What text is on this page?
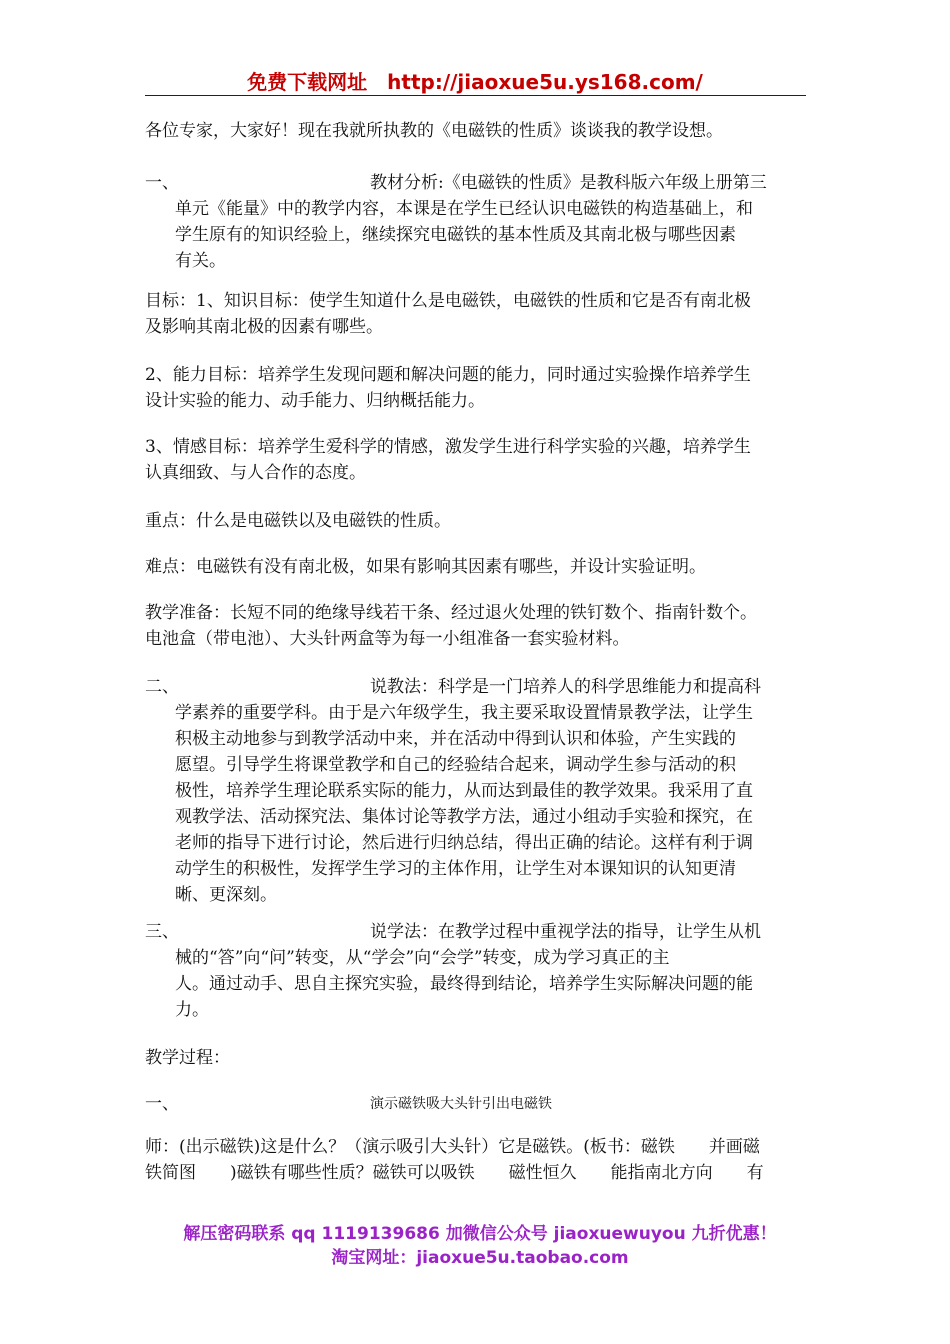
免费下载网址 http://jiaoxue5u.ys168.com/
各位专家，大家好！现在我就所执教的《电磁铁的性质》谈谈我的教学设想。
一、	教材分析:《电磁铁的性质》是教科版六年级上册第三
单元《能量》中的教学内容，本课是在学生已经认识电磁铁的构造基础上，和
学生原有的知识经验上，继续探究电磁铁的基本性质及其南北极与哪些因素
有关。
目标：1、知识目标：使学生知道什么是电磁铁，电磁铁的性质和它是否有南北极
及影响其南北极的因素有哪些。
2、能力目标：培养学生发现问题和解决问题的能力，同时通过实验操作培养学生
设计实验的能力、动手能力、归纳概括能力。
3、情感目标：培养学生爱科学的情感，激发学生进行科学实验的兴趣，培养学生
认真细致、与人合作的态度。
重点：什么是电磁铁以及电磁铁的性质。
难点：电磁铁有没有南北极，如果有影响其因素有哪些，并设计实验证明。
教学准备：长短不同的绝缘导线若干条、经过退火处理的铁钉数个、指南针数个。
电池盒（带电池）、大头针两盒等为每一小组准备一套实验材料。
二、	说教法：科学是一门培养人的科学思维能力和提高科
学素养的重要学科。由于是六年级学生，我主要采取设置情景教学法，让学生
积极主动地参与到教学活动中来，并在活动中得到认识和体验，产生实践的
愿望。引导学生将课堂教学和自己的经验结合起来，调动学生参与活动的积
极性，培养学生理论联系实际的能力，从而达到最佳的教学效果。我采用了直
观教学法、活动探究法、集体讨论等教学方法，通过小组动手实验和探究，在
老师的指导下进行讨论，然后进行归纳总结，得出正确的结论。这样有利于调
动学生的积极性，发挥学生学习的主体作用，让学生对本课知识的认知更清
晰、更深刻。
三、	说学法：在教学过程中重视学法的指导，让学生从机
械的“答”向“问”转变，从“学会”向“会学”转变，成为学习真正的主
人。通过动手、思自主探究实验，最终得到结论，培养学生实际解决问题的能
力。
教学过程：
一、	演示磁铁吸大头针引出电磁铁
师：(出示磁铁)这是什么？（演示吸引大头针）它是磁铁。(板书：磁铁　　并画磁
铁简图　　)磁铁有哪些性质？磁铁可以吸铁　　磁性恒久　　能指南北方向　　有
解压密码联系 qq 1119139686 加微信公众号 jiaoxuewuyou 九折优惠！
淘宝网址：jiaoxue5u.taobao.com
